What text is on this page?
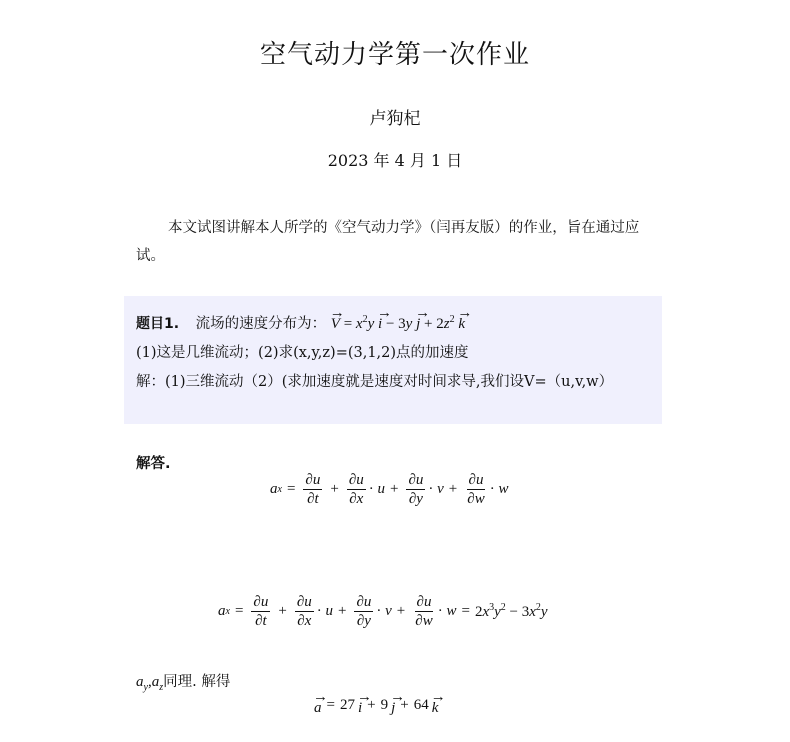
空气动力学第一次作业
卢狗杞
2023 年 4 月 1 日
本文试图讲解本人所学的《空气动力学》（闫再友版）的作业，旨在通过应试。
题目1. 流场的速度分布为： → $V = x^2y \to i - 3y \to j + 2z^2 \to k$
(1)这是几维流动；(2)求(x,y,z)=(3,1,2)点的加速度
解：(1)三维流动（2）(求加速度就是速度对时间求导,我们设V=（u,v,w）
解答.
a $x = \frac{\partial u}{\partial t} + \frac{\partial u}{\partial x} \cdot u + \frac{\partial u}{\partial y} \cdot v + \frac{\partial u}{\partial w} \cdot w$
a $x = \frac{\partial u}{\partial t} + \frac{\partial u}{\partial x} \cdot u + \frac{\partial u}{\partial y} \cdot v + \frac{\partial u}{\partial w} \cdot w = 2x^3y^2 - 3x^2y$
$a_y,a_z$同理. 解得
→ a = 27 → i + 9 → j + 64 → k
